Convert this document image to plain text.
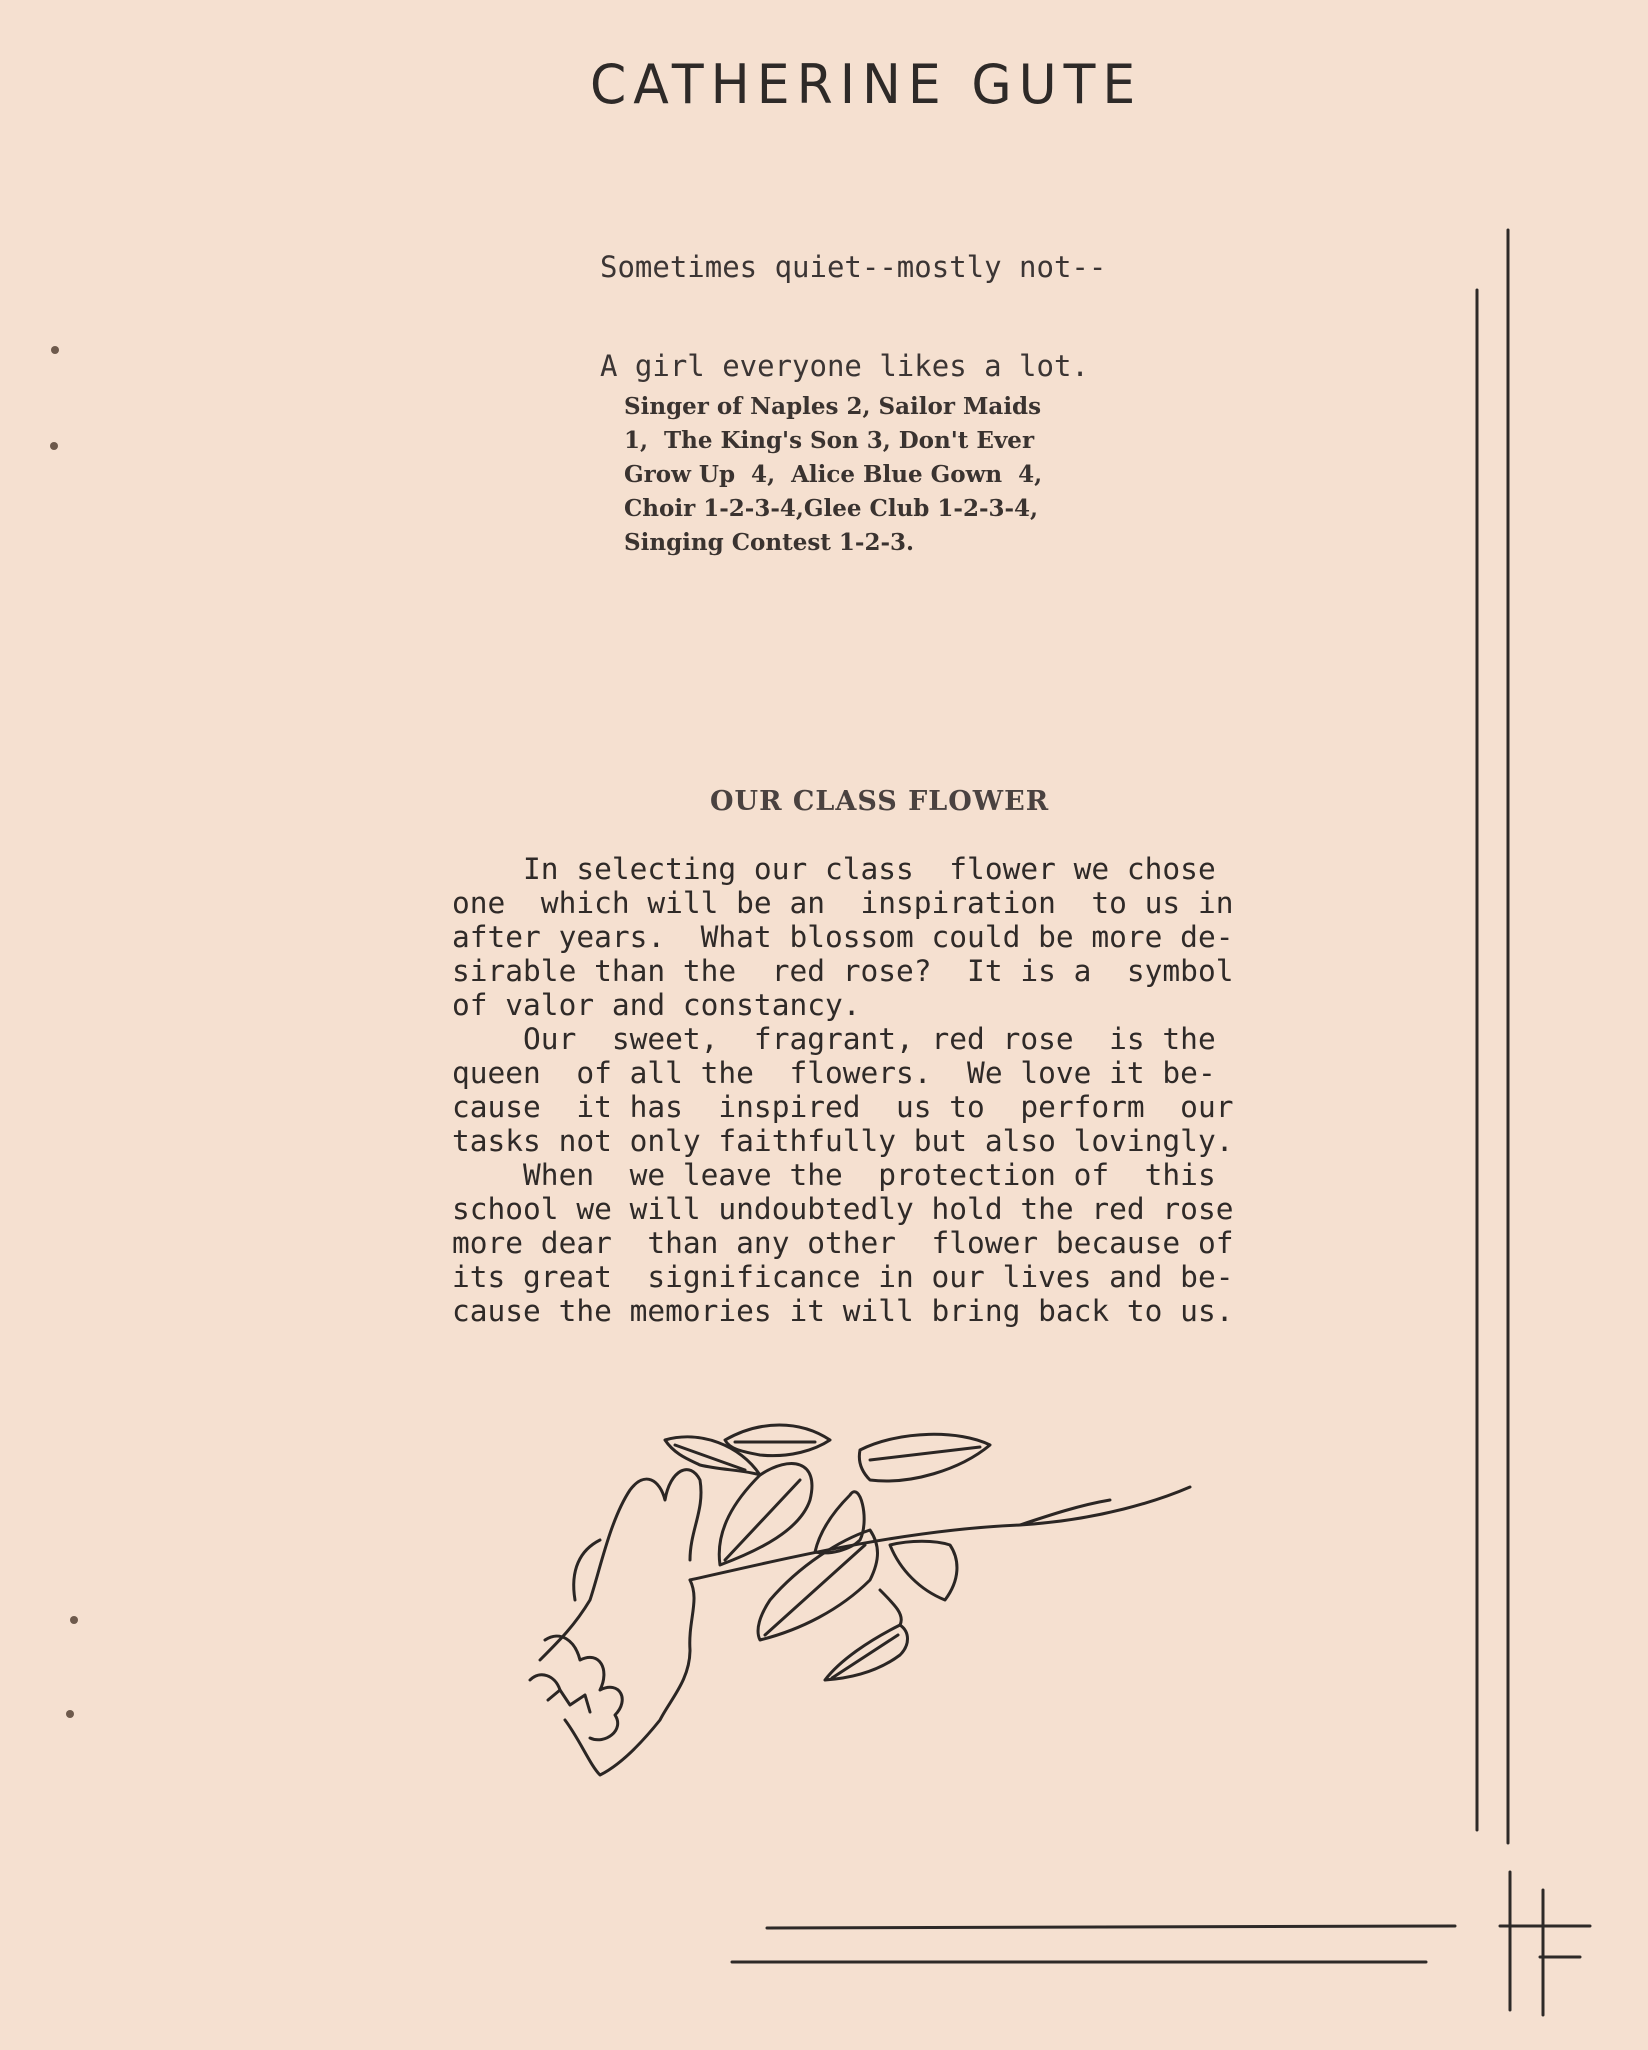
CATHERINE GUTE

Sometimes quiet--mostly not--

A girl everyone likes a lot.

Singer of Naples 2, Sailor Maids
1,  The King's Son 3, Don't Ever
Grow Up  4,  Alice Blue Gown  4,
Choir 1-2-3-4,Glee Club 1-2-3-4,
Singing Contest 1-2-3.
OUR CLASS FLOWER
In selecting our class  flower we chose
one  which will be an  inspiration  to us in
after years.  What blossom could be more de-
sirable than the  red rose?  It is a  symbol
of valor and constancy.
Our  sweet,  fragrant, red rose  is the
queen  of all the  flowers.  We love it be-
cause  it has  inspired  us to  perform  our
tasks not only faithfully but also lovingly.
When  we leave the  protection of  this
school we will undoubtedly hold the red rose
more dear  than any other  flower because of
its great  significance in our lives and be-
cause the memories it will bring back to us.
